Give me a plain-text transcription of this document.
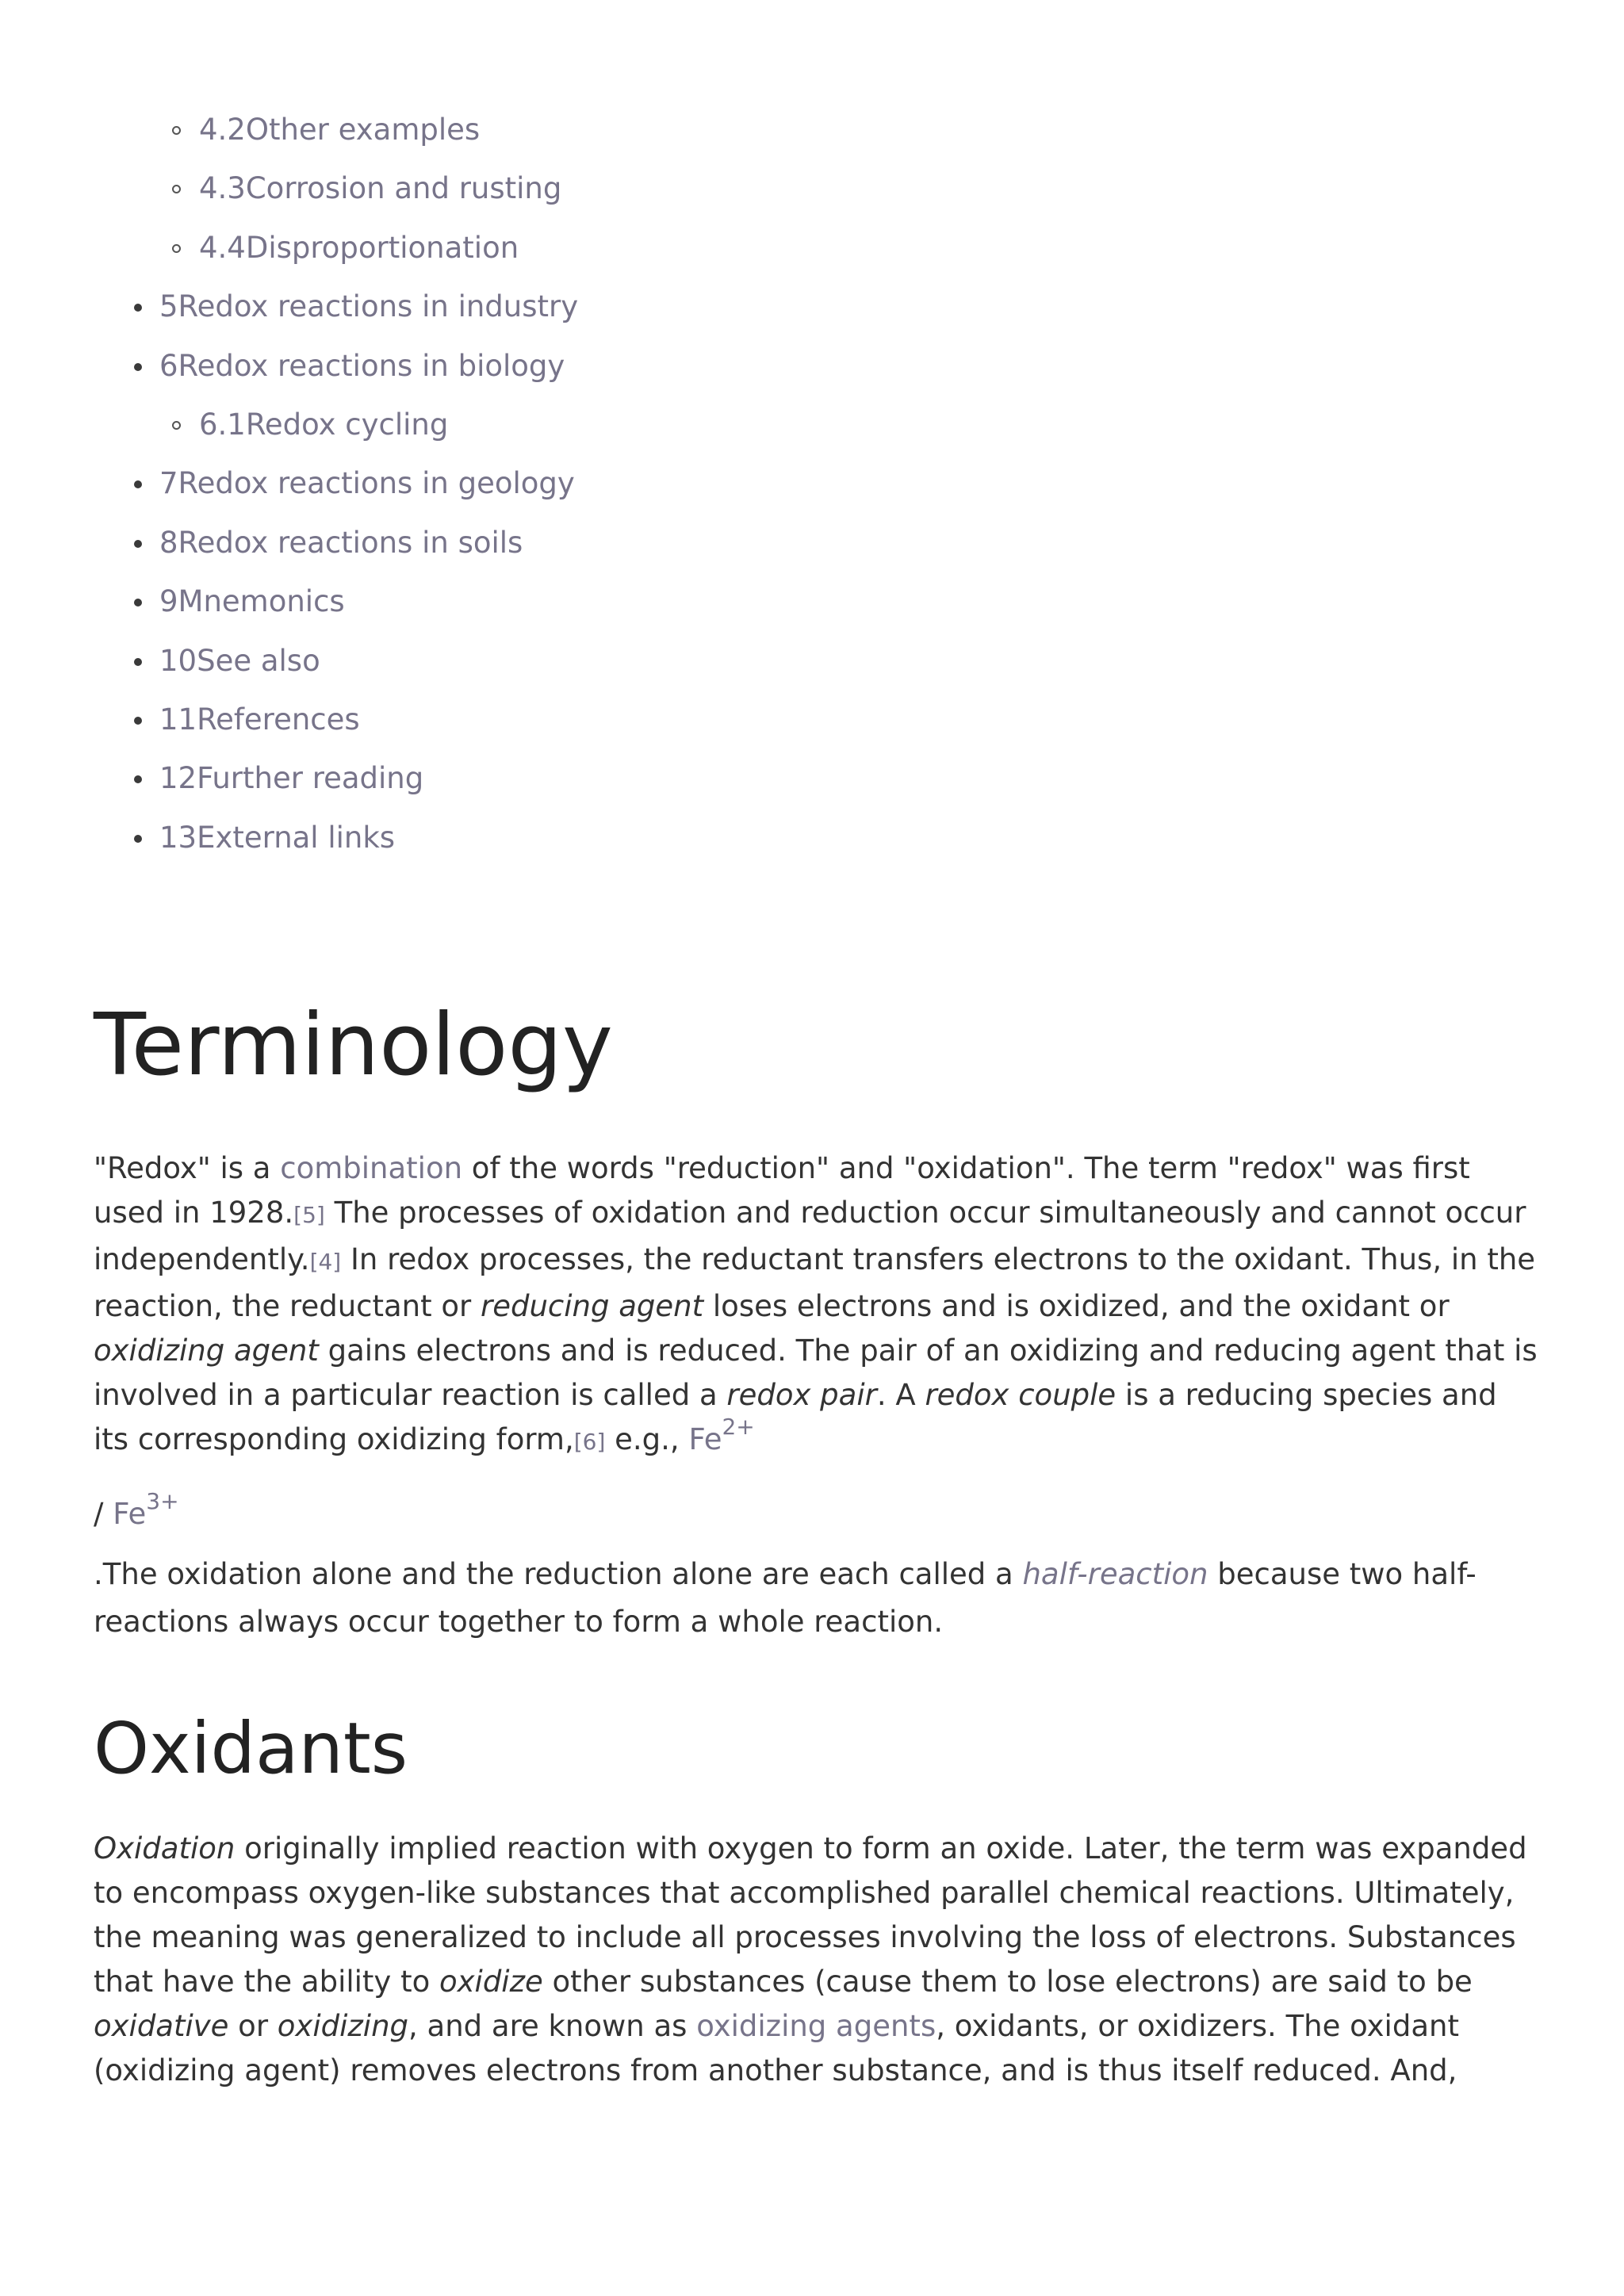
4.2Other examples
4.3Corrosion and rusting
4.4Disproportionation
5Redox reactions in industry
6Redox reactions in biology
6.1Redox cycling
7Redox reactions in geology
8Redox reactions in soils
9Mnemonics
10See also
11References
12Further reading
13External links
Terminology

"Redox" is a combination of the words "reduction" and "oxidation". The term "redox" was first used in 1928.[5] The processes of oxidation and reduction occur simultaneously and cannot occur independently.[4] In redox processes, the reductant transfers electrons to the oxidant. Thus, in the reaction, the reductant or reducing agent loses electrons and is oxidized, and the oxidant or oxidizing agent gains electrons and is reduced. The pair of an oxidizing and reducing agent that is involved in a particular reaction is called a redox pair. A redox couple is a reducing species and its corresponding oxidizing form,[6] e.g., $Fe^{2+}$

/ $Fe^{3+}$

.The oxidation alone and the reduction alone are each called a half-reaction because two half-reactions always occur together to form a whole reaction.

Oxidants

Oxidation originally implied reaction with oxygen to form an oxide. Later, the term was expanded to encompass oxygen-like substances that accomplished parallel chemical reactions. Ultimately, the meaning was generalized to include all processes involving the loss of electrons. Substances that have the ability to oxidize other substances (cause them to lose electrons) are said to be oxidative or oxidizing, and are known as oxidizing agents, oxidants, or oxidizers. The oxidant (oxidizing agent) removes electrons from another substance, and is thus itself reduced. And,
